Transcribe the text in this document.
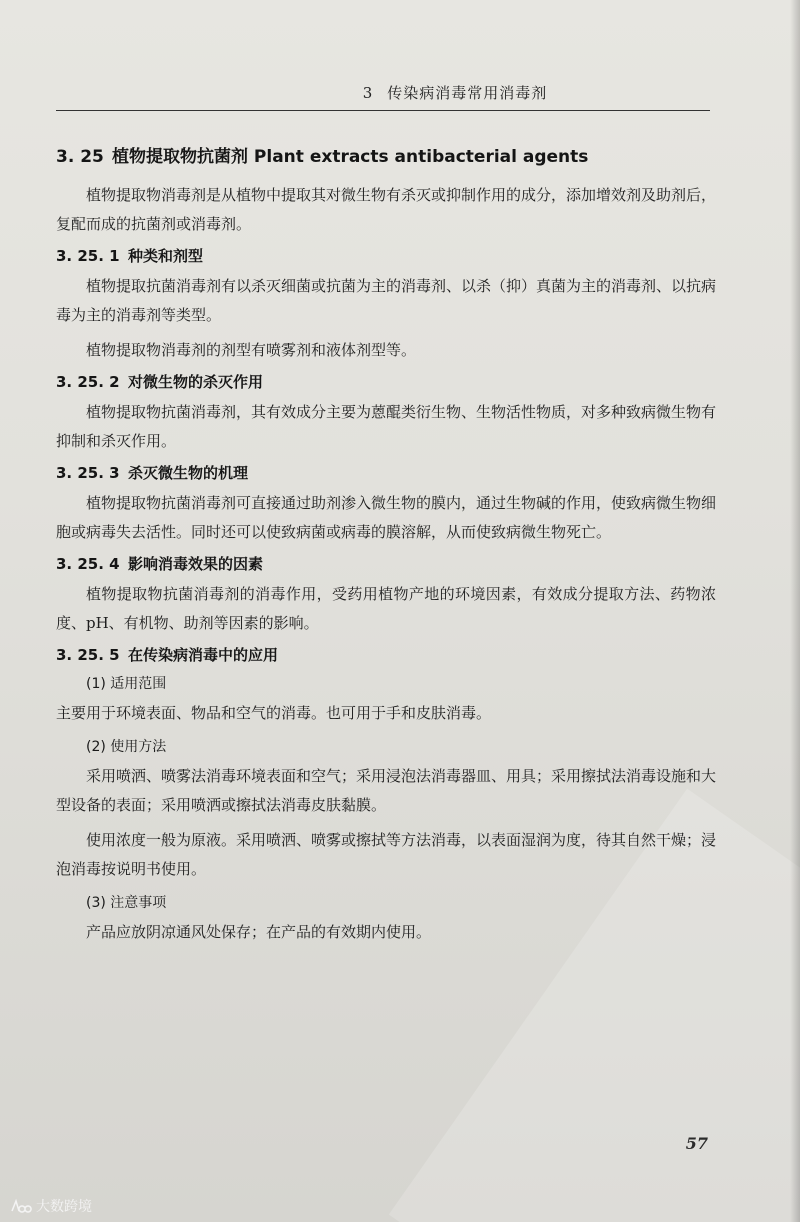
3 传染病消毒常用消毒剂
3. 25 植物提取物抗菌剂 Plant extracts antibacterial agents

植物提取物消毒剂是从植物中提取其对微生物有杀灭或抑制作用的成分，添加增效剂及助剂后，复配而成的抗菌剂或消毒剂。

3. 25. 1 种类和剂型

植物提取抗菌消毒剂有以杀灭细菌或抗菌为主的消毒剂、以杀（抑）真菌为主的消毒剂、以抗病毒为主的消毒剂等类型。

植物提取物消毒剂的剂型有喷雾剂和液体剂型等。

3. 25. 2 对微生物的杀灭作用

植物提取物抗菌消毒剂，其有效成分主要为蒽醌类衍生物、生物活性物质，对多种致病微生物有抑制和杀灭作用。

3. 25. 3 杀灭微生物的机理

植物提取物抗菌消毒剂可直接通过助剂渗入微生物的膜内，通过生物碱的作用，使致病微生物细胞或病毒失去活性。同时还可以使致病菌或病毒的膜溶解，从而使致病微生物死亡。

3. 25. 4 影响消毒效果的因素

植物提取物抗菌消毒剂的消毒作用，受药用植物产地的环境因素，有效成分提取方法、药物浓度、pH、有机物、助剂等因素的影响。

3. 25. 5 在传染病消毒中的应用
(1) 适用范围

主要用于环境表面、物品和空气的消毒。也可用于手和皮肤消毒。

(2) 使用方法

采用喷洒、喷雾法消毒环境表面和空气；采用浸泡法消毒器皿、用具；采用擦拭法消毒设施和大型设备的表面；采用喷洒或擦拭法消毒皮肤黏膜。

使用浓度一般为原液。采用喷洒、喷雾或擦拭等方法消毒，以表面湿润为度，待其自然干燥；浸泡消毒按说明书使用。

(3) 注意事项

产品应放阴凉通风处保存；在产品的有效期内使用。

57
大数跨境
